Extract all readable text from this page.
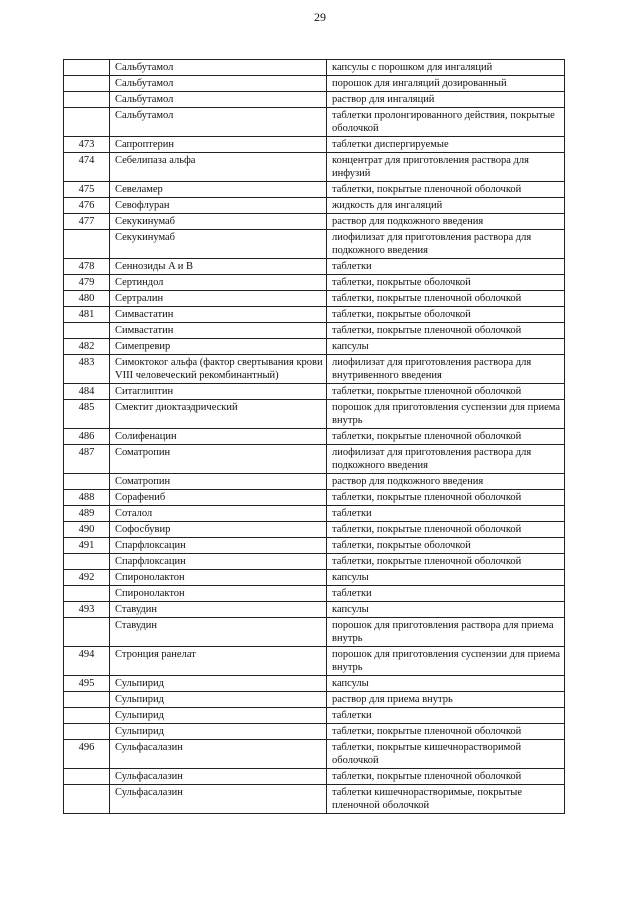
29
	Сальбутамол	капсулы с порошком для ингаляций
	Сальбутамол	порошок для ингаляций дозированный
	Сальбутамол	раствор для ингаляций
	Сальбутамол	таблетки пролонгированного действия, покрытые оболочкой
473	Сапроптерин	таблетки диспергируемые
474	Себелипаза альфа	концентрат для приготовления раствора для инфузий
475	Севеламер	таблетки, покрытые пленочной оболочкой
476	Севофлуран	жидкость для ингаляций
477	Секукинумаб	раствор для подкожного введения
	Секукинумаб	лиофилизат для приготовления раствора для подкожного введения
478	Сеннозиды A и B	таблетки
479	Сертиндол	таблетки, покрытые оболочкой
480	Сертралин	таблетки, покрытые пленочной оболочкой
481	Симвастатин	таблетки, покрытые оболочкой
	Симвастатин	таблетки, покрытые пленочной оболочкой
482	Симепревир	капсулы
483	Симоктоког альфа (фактор свертывания крови VIII человеческий рекомбинантный)	лиофилизат для приготовления раствора для внутривенного введения
484	Ситаглиптин	таблетки, покрытые пленочной оболочкой
485	Смектит диоктаэдрический	порошок для приготовления суспензии для приема внутрь
486	Солифенацин	таблетки, покрытые пленочной оболочкой
487	Соматропин	лиофилизат для приготовления раствора для подкожного введения
	Соматропин	раствор для подкожного введения
488	Сорафениб	таблетки, покрытые пленочной оболочкой
489	Соталол	таблетки
490	Софосбувир	таблетки, покрытые пленочной оболочкой
491	Спарфлоксацин	таблетки, покрытые оболочкой
	Спарфлоксацин	таблетки, покрытые пленочной оболочкой
492	Спиронолактон	капсулы
	Спиронолактон	таблетки
493	Ставудин	капсулы
	Ставудин	порошок для приготовления раствора для приема внутрь
494	Стронция ранелат	порошок для приготовления суспензии для приема внутрь
495	Сульпирид	капсулы
	Сульпирид	раствор для приема внутрь
	Сульпирид	таблетки
	Сульпирид	таблетки, покрытые пленочной оболочкой
496	Сульфасалазин	таблетки, покрытые кишечнорастворимой оболочкой
	Сульфасалазин	таблетки, покрытые пленочной оболочкой
	Сульфасалазин	таблетки кишечнорастворимые, покрытые пленочной оболочкой
